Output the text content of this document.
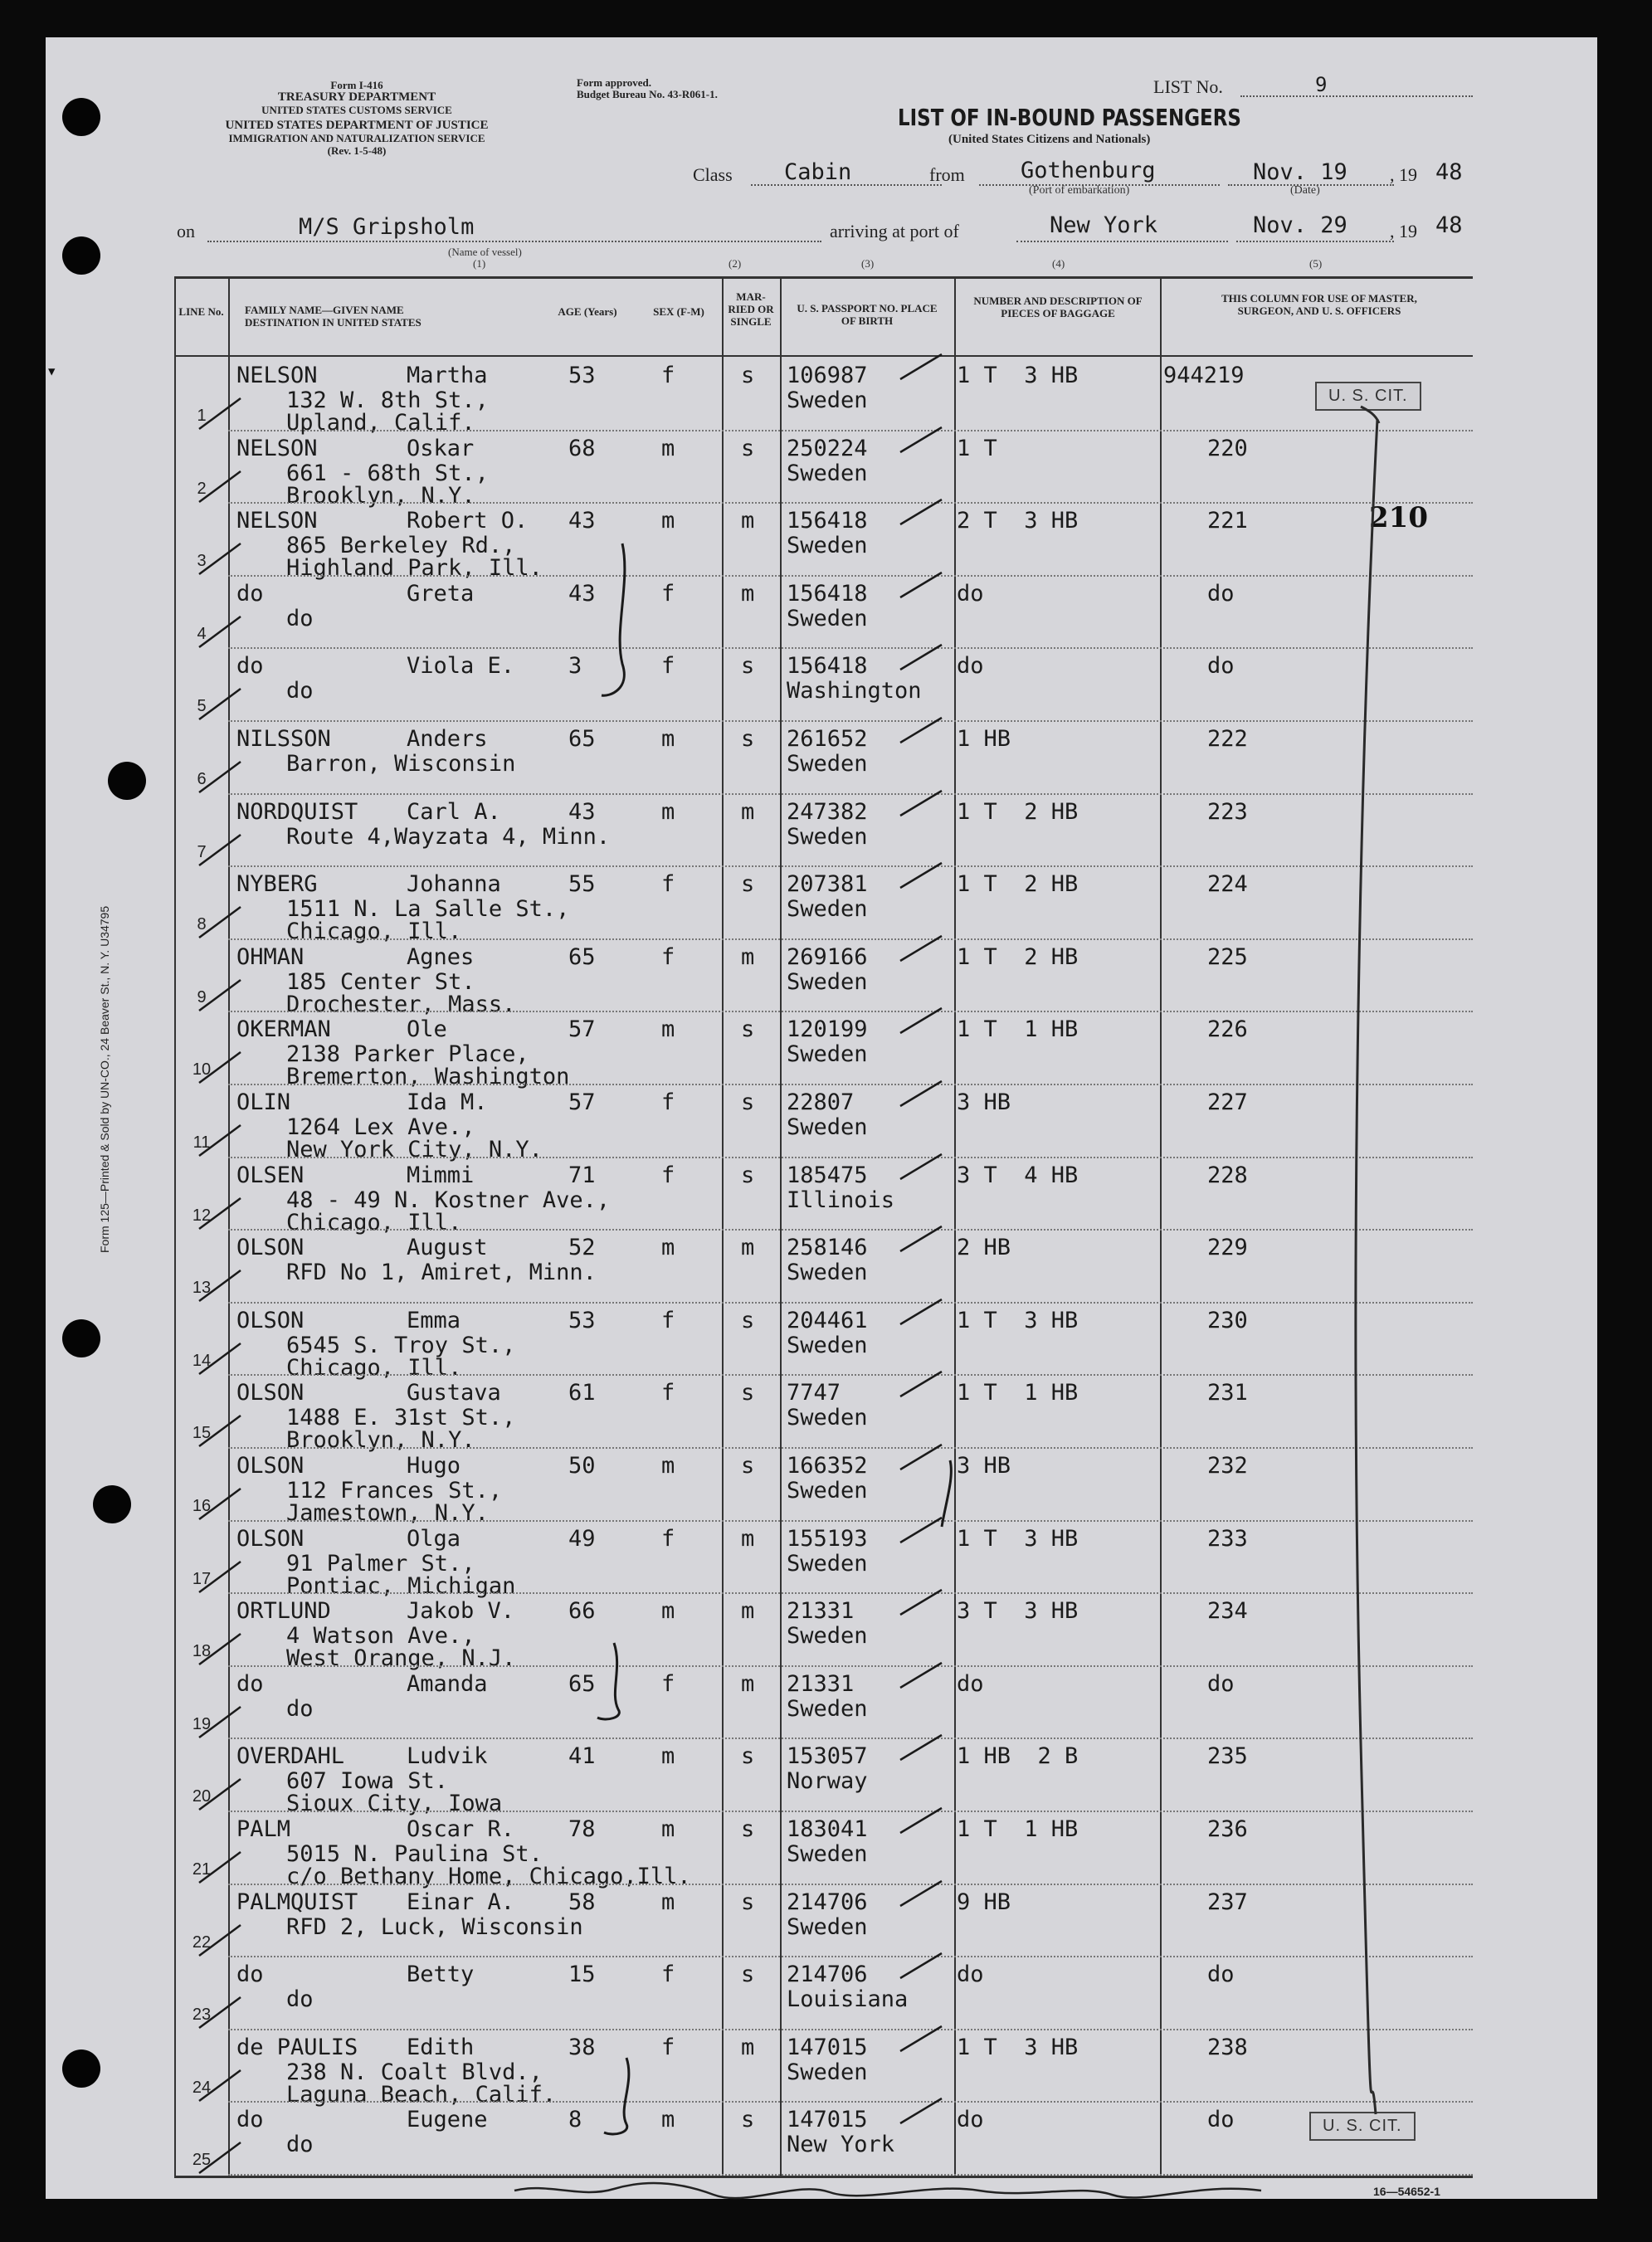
▼
Form 125—Printed & Sold by UN-CO., 24 Beaver St., N. Y. U34795
Form I-416
TREASURY DEPARTMENT
UNITED STATES CUSTOMS SERVICE
UNITED STATES DEPARTMENT OF JUSTICE
IMMIGRATION AND NATURALIZATION SERVICE
(Rev. 1-5-48)
Form approved.
Budget Bureau No. 43-R061-1.	LIST No.	9
LIST OF IN-BOUND PASSENGERS
(United States Citizens and Nationals)
Class Cabin	from Gothenburg
(Port of embarkation)
Nov. 19
(Date)
, 19 48
on	M/S Gripsholm
(Name of vessel)
arriving at port of	New York	Nov. 29 , 19 48
(1)	(2)	(3)	(4)	(5)
LINE No. FAMILY NAME—GIVEN NAME DESTINATION IN UNITED STATES
AGE (Years)	SEX (F-M)
MAR- RIED OR SINGLE
U. S. PASSPORT NO. PLACE OF BIRTH
NUMBER AND DESCRIPTION OF PIECES OF BAGGAGE
THIS COLUMN FOR USE OF MASTER, SURGEON, AND U. S. OFFICERS
NELSON	Martha
132 W. 8th St.,
Upland, Calif.
53	f	s 106987
Sweden
1 T  3 HB	944219
1
NELSON	Oskar
661 - 68th St.,
Brooklyn, N.Y.
68	m	s 250224
Sweden
1 T	220
2
NELSON	Robert O.
865 Berkeley Rd.,
Highland Park, Ill.
43	m	m 156418
Sweden
2 T  3 HB	221
3
do	Greta
do
43	f	m 156418
Sweden
do	do
4
do	Viola E.
do
3	f	s 156418
Washington
do	do
5
NILSSON	Anders
Barron, Wisconsin
65	m	s 261652
Sweden
1 HB	222
6
NORDQUIST Carl A.
Route 4,Wayzata 4, Minn.
43	m	m 247382
Sweden
1 T  2 HB	223
7
NYBERG	Johanna
1511 N. La Salle St.,
Chicago, Ill.
55	f	s 207381
Sweden
1 T  2 HB	224
8
OHMAN	Agnes
185 Center St.
Drochester, Mass.
65	f	m 269166
Sweden
1 T  2 HB	225
9
OKERMAN	Ole
2138 Parker Place,
Bremerton, Washington
57	m	s 120199
Sweden
1 T  1 HB	226
10
OLIN	Ida M.
1264 Lex Ave.,
New York City, N.Y.
57	f	s 22807
Sweden
3 HB	227
11
OLSEN	Mimmi
48 - 49 N. Kostner Ave.,
Chicago, Ill.
71	f	s 185475
Illinois
3 T  4 HB	228
12
OLSON	August
RFD No 1, Amiret, Minn.
52	m	m 258146
Sweden
2 HB	229
13
OLSON	Emma
6545 S. Troy St.,
Chicago, Ill.
53	f	s 204461
Sweden
1 T  3 HB	230
14
OLSON	Gustava
1488 E. 31st St.,
Brooklyn, N.Y.
61	f	s 7747
Sweden
1 T  1 HB	231
15
OLSON	Hugo
112 Frances St.,
Jamestown, N.Y.
50	m	s 166352
Sweden
3 HB	232
16
OLSON	Olga
91 Palmer St.,
Pontiac, Michigan
49	f	m 155193
Sweden
1 T  3 HB	233
17
ORTLUND	Jakob V.
4 Watson Ave.,
West Orange, N.J.
66	m	m 21331
Sweden
3 T  3 HB	234
18
do	Amanda
do
65	f	m 21331
Sweden
do	do
19
OVERDAHL	Ludvik
607 Iowa St.
Sioux City, Iowa
41	m	s 153057
Norway
1 HB  2 B	235
20
PALM	Oscar R.
5015 N. Paulina St.
c/o Bethany Home, Chicago,Ill.
78	m	s 183041
Sweden
1 T  1 HB	236
21
PALMQUIST Einar A.
RFD 2, Luck, Wisconsin
58	m	s 214706
Sweden
9 HB	237
22
do	Betty
do
15	f	s 214706
Louisiana
do	do
23
de PAULIS Edith
238 N. Coalt Blvd.,
Laguna Beach, Calif.
38	f	m 147015
Sweden
1 T  3 HB	238
24
do	Eugene
do
8	m	s 147015
New York
do	do
25
210
U. S. CIT.
U. S. CIT.
16—54652-1
